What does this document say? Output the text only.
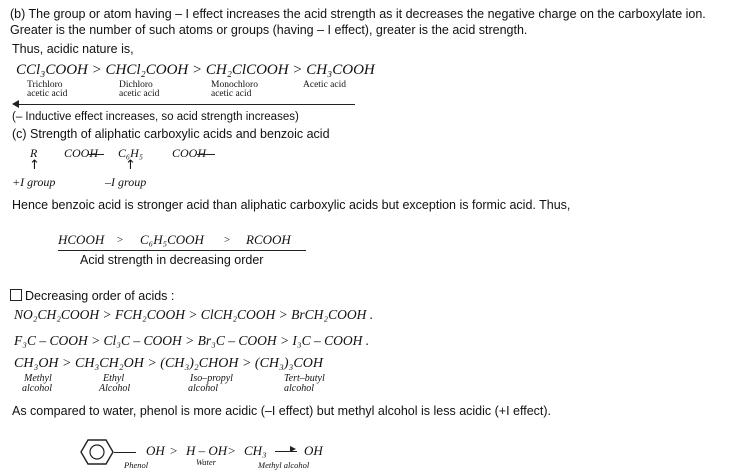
(b) The group or atom having – I effect increases the acid strength as it decreases the negative charge on the carboxylate ion. Greater is the number of such atoms or groups (having – I effect), greater is the acid strength.
Thus, acidic nature is,
CCl₃COOH > CHCl₂COOH > CH₂ClCOOH > CH₃COOH
Trichloro
acetic acid
Dichloro
acetic acid
Monochloro
acetic acid
Acetic acid
(– Inductive effect increases, so acid strength increases)
(c) Strength of aliphatic carboxylic acids and benzoic acid
R COOH C₆H₅ COOH
↑	↑
+I group	–I group
Hence benzoic acid is stronger acid than aliphatic carboxylic acids but exception is formic acid. Thus,
HCOOH > C₆H₅COOH > RCOOH
Acid strength in decreasing order
Decreasing order of acids :
NO₂CH₂COOH > FCH₂COOH > ClCH₂COOH > BrCH₂COOH .
F₃C – COOH > Cl₃C – COOH > Br₃C – COOH > I₃C – COOH .
CH₃OH > CH₃CH₂OH > (CH₃)₂CHOH > (CH₃)₃COH
Methyl
alcohol
Ethyl
Alcohol
Iso–propyl
alcohol
Tert–butyl
alcohol
As compared to water, phenol is more acidic (–I effect) but methyl alcohol is less acidic (+I effect).
OH > H – OH > CH₃	OH
Phenol	Water	Methyl alcohol
